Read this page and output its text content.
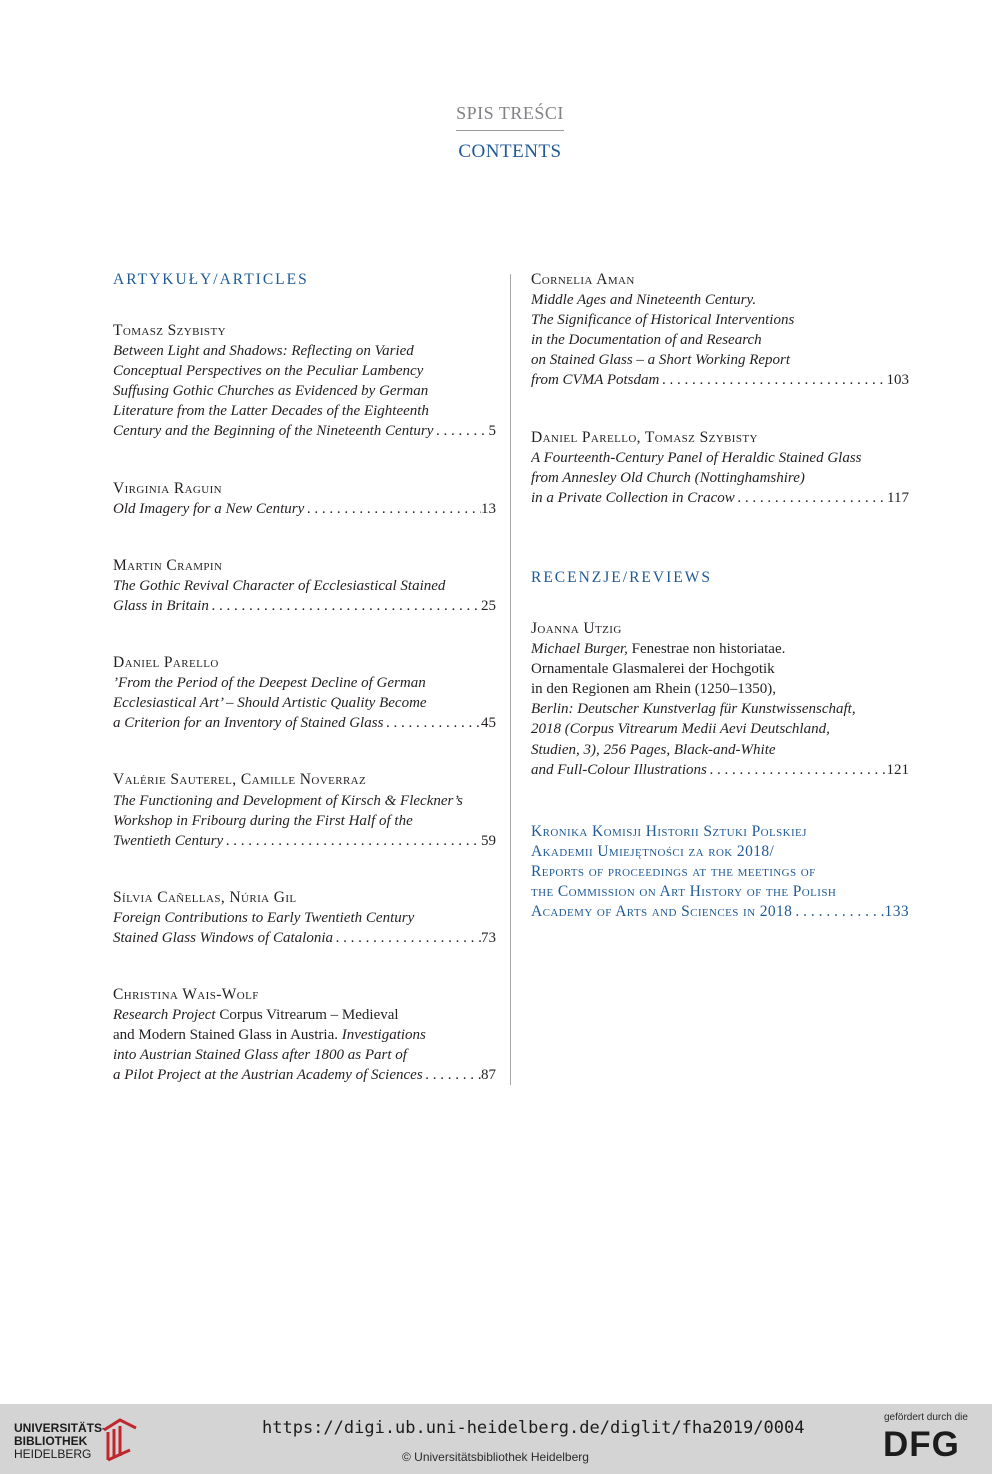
SPIS TREŚCI
CONTENTS
ARTYKUŁY/ARTICLES
Tomasz Szybisty
Between Light and Shadows: Reflecting on Varied
Conceptual Perspectives on the Peculiar Lambency
Suffusing Gothic Churches as Evidenced by German
Literature from the Latter Decades of the Eighteenth
Century and the Beginning of the Nineteenth Century . . .	5
Virginia Raguin
Old Imagery for a New Century . . .	13
Martin Crampin
The Gothic Revival Character of Ecclesiastical Stained
Glass in Britain . . .	25
Daniel Parello
’From the Period of the Deepest Decline of German
Ecclesiastical Art’ – Should Artistic Quality Become
a Criterion for an Inventory of Stained Glass . . .	45
Valérie Sauterel, Camille Noverraz
The Functioning and Development of Kirsch & Fleckner’s
Workshop in Fribourg during the First Half of the
Twentieth Century . . .	59
Sílvia Cañellas, Núria Gil
Foreign Contributions to Early Twentieth Century
Stained Glass Windows of Catalonia . . .	73
Christina Wais-Wolf
Research Project Corpus Vitrearum – Medieval
and Modern Stained Glass in Austria. Investigations
into Austrian Stained Glass after 1800 as Part of
a Pilot Project at the Austrian Academy of Sciences . . .	87
Cornelia Aman
Middle Ages and Nineteenth Century.
The Significance of Historical Interventions
in the Documentation of and Research
on Stained Glass – a Short Working Report
from CVMA Potsdam . . .	103
Daniel Parello, Tomasz Szybisty
A Fourteenth-Century Panel of Heraldic Stained Glass
from Annesley Old Church (Nottinghamshire)
in a Private Collection in Cracow . . .	117
RECENZJE/REVIEWS
Joanna Utzig
Michael Burger, Fenestrae non historiatae.
Ornamentale Glasmalerei der Hochgotik
in den Regionen am Rhein (1250–1350),
Berlin: Deutscher Kunstverlag für Kunstwissenschaft,
2018 (Corpus Vitrearum Medii Aevi Deutschland,
Studien, 3), 256 Pages, Black-and-White
and Full-Colour Illustrations . . .	121
Kronika Komisji Historii Sztuki Polskiej
Akademii Umiejętności za rok 2018/
Reports of proceedings at the meetings of
the Commission on Art History of the Polish
Academy of Arts and Sciences in 2018 . . .	133
UNIVERSITÄTS-
BIBLIOTHEK
HEIDELBERG
https://digi.ub.uni-heidelberg.de/diglit/fha2019/0004
© Universitätsbibliothek Heidelberg
gefördert durch die
DFG
